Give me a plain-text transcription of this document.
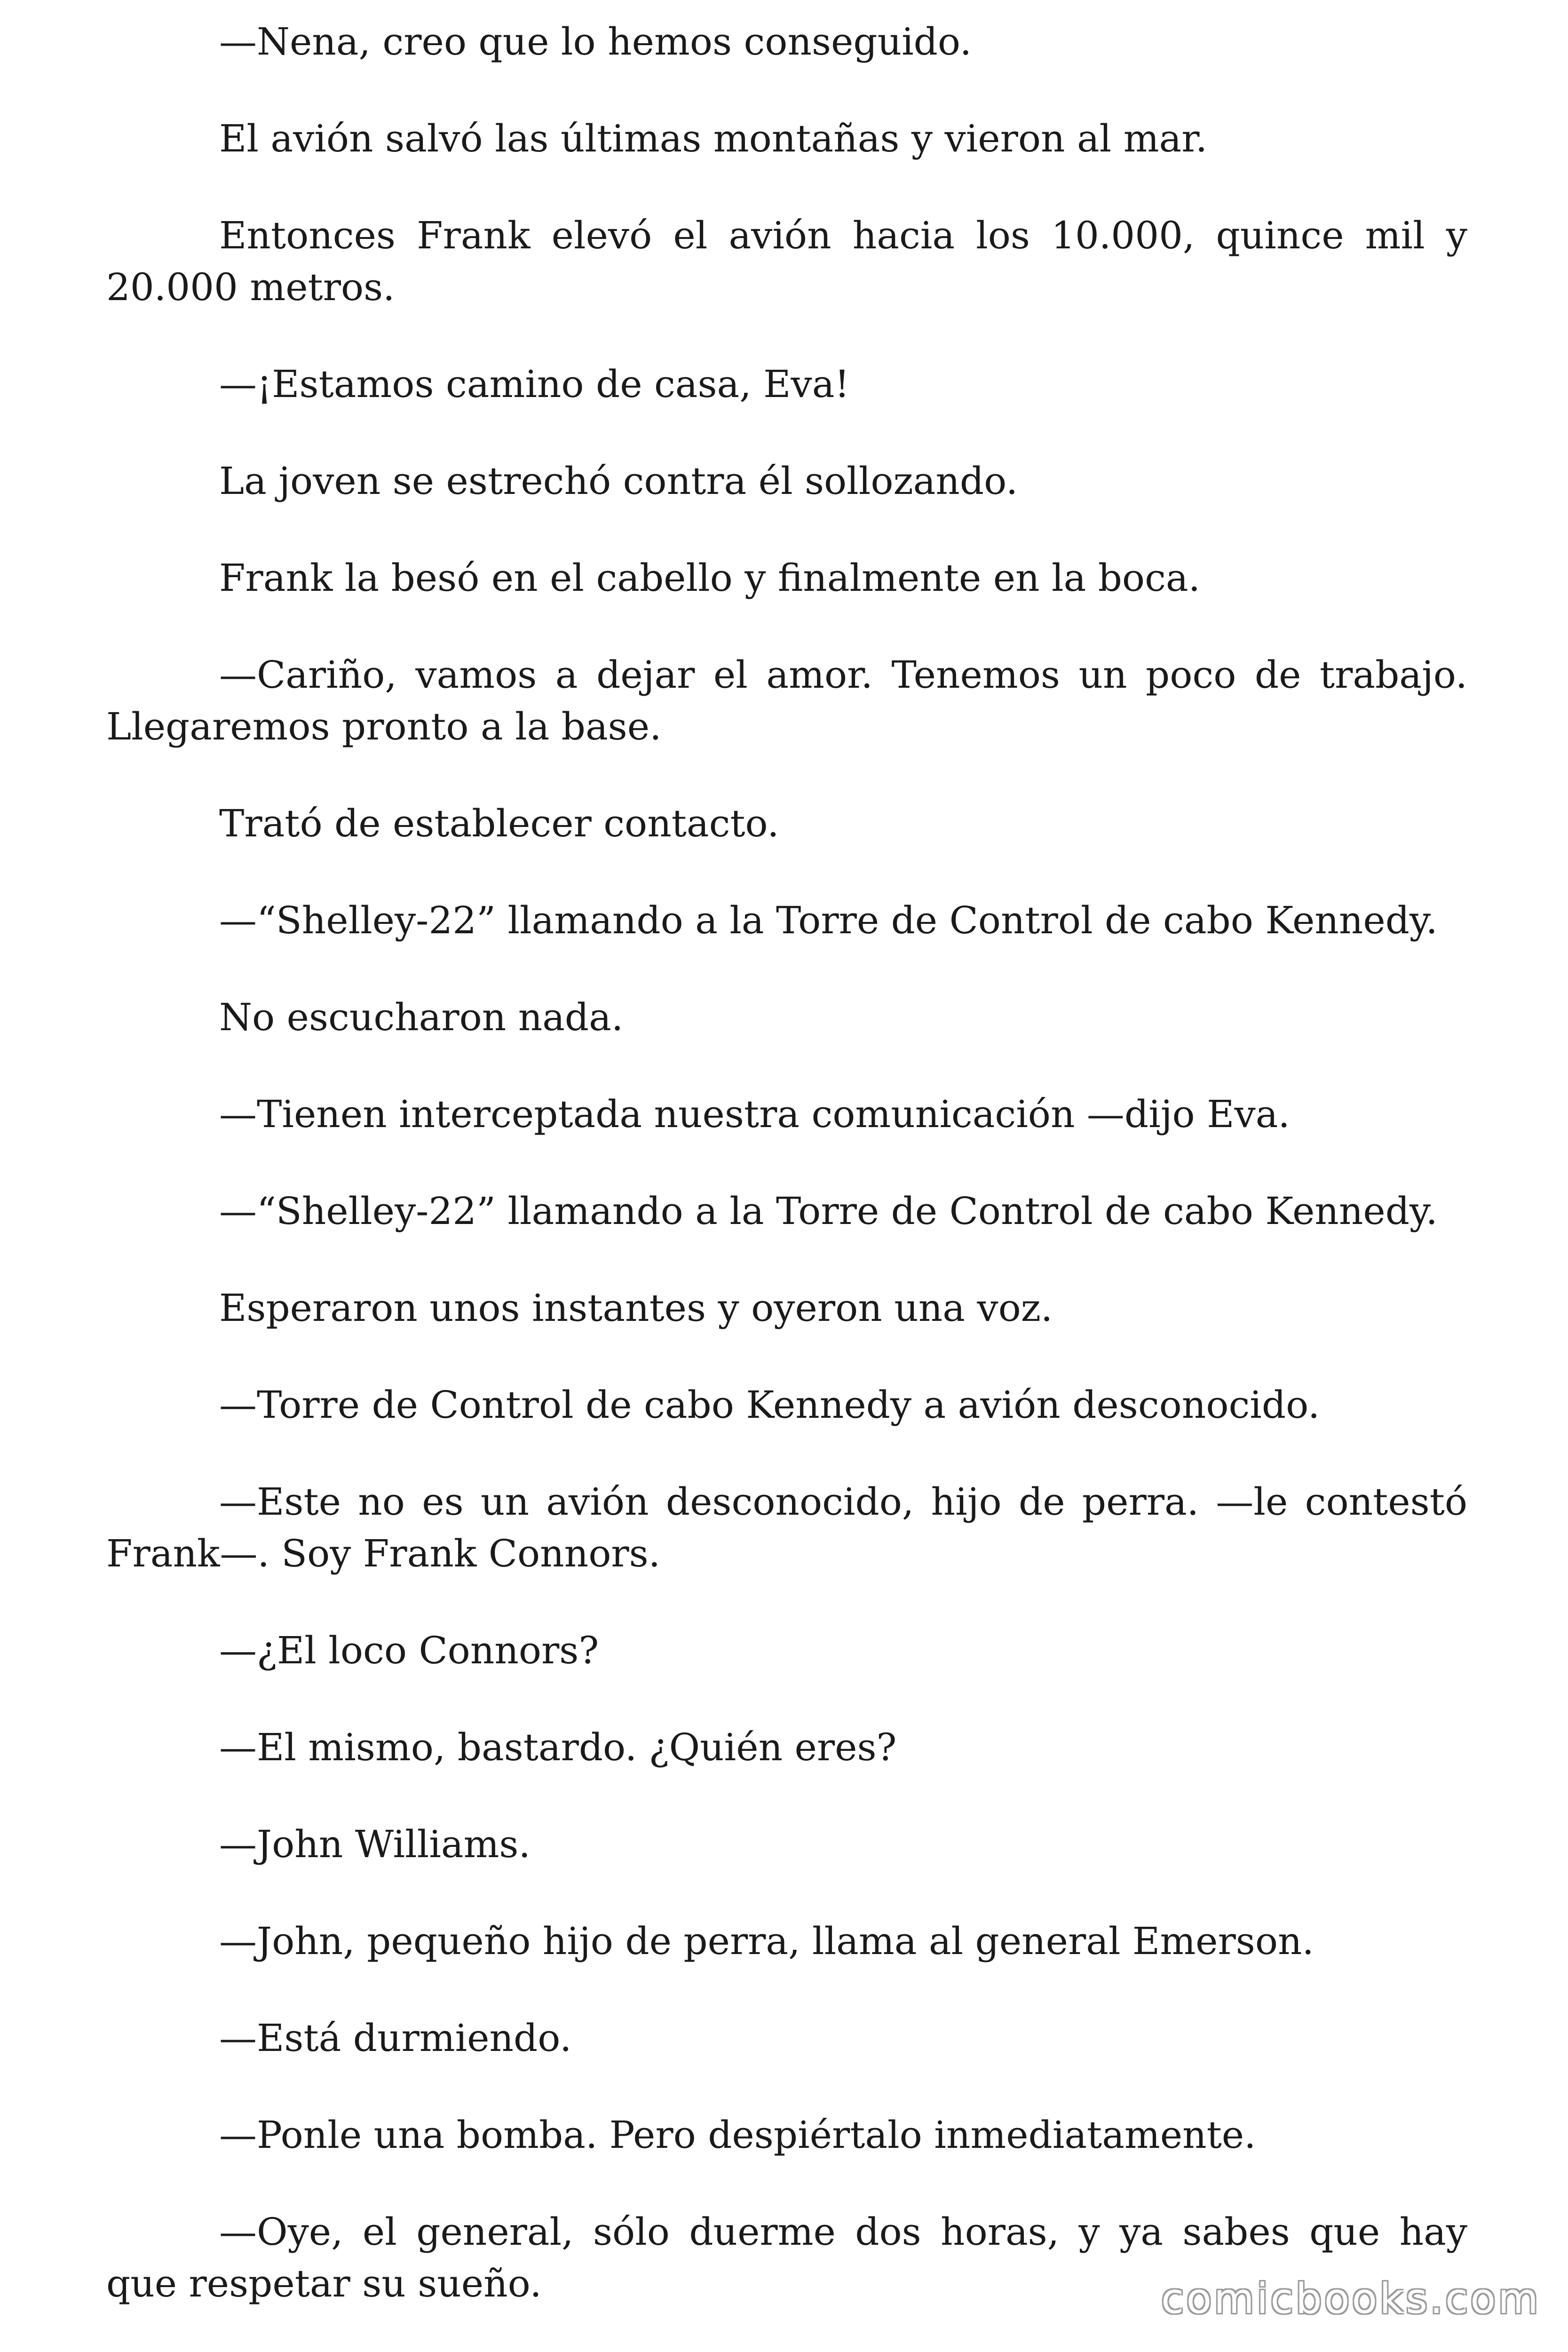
—Nena, creo que lo hemos conseguido.

El avión salvó las últimas montañas y vieron al mar.

Entonces Frank elevó el avión hacia los 10.000, quince mil y 20.000 metros.

—¡Estamos camino de casa, Eva!

La joven se estrechó contra él sollozando.

Frank la besó en el cabello y finalmente en la boca.

—Cariño, vamos a dejar el amor. Tenemos un poco de trabajo. Llegaremos pronto a la base.

Trató de establecer contacto.

—“Shelley-22” llamando a la Torre de Control de cabo Kennedy.

No escucharon nada.

—Tienen interceptada nuestra comunicación —dijo Eva.

—“Shelley-22” llamando a la Torre de Control de cabo Kennedy.

Esperaron unos instantes y oyeron una voz.

—Torre de Control de cabo Kennedy a avión desconocido.

—Este no es un avión desconocido, hijo de perra. —le contestó Frank—. Soy Frank Connors.

—¿El loco Connors?

—El mismo, bastardo. ¿Quién eres?

—John Williams.

—John, pequeño hijo de perra, llama al general Emerson.

—Está durmiendo.

—Ponle una bomba. Pero despiértalo inmediatamente.

—Oye, el general, sólo duerme dos horas, y ya sabes que hay que respetar su sueño.	comicbooks.com
